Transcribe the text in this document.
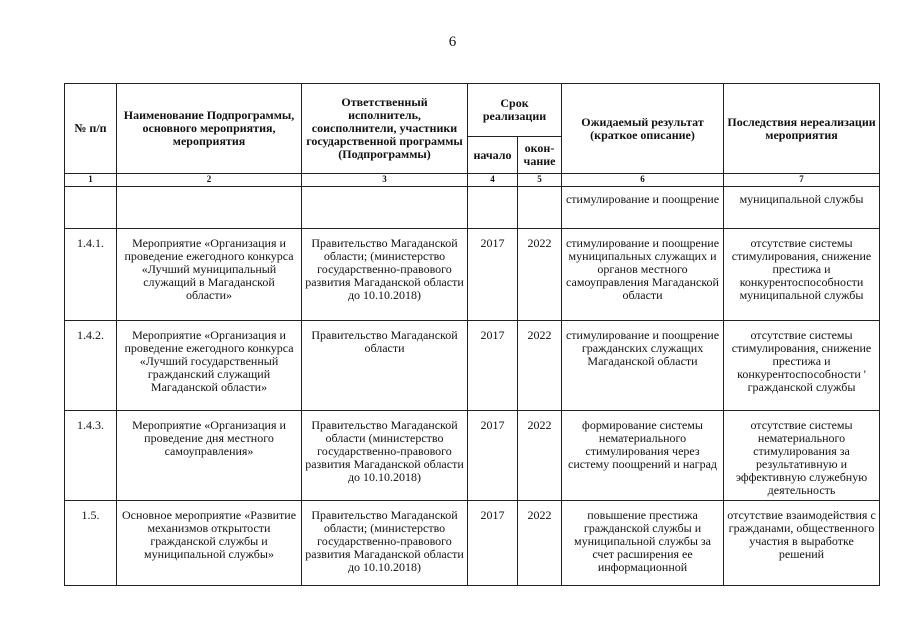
6
№ п/п	Наименование Подпрограммы, основного мероприятия, мероприятия	Ответственный исполнитель, соисполнители, участники государственной программы (Подпрограммы)	Срок реализации		Ожидаемый результат (краткое описание)	Последствия нереализации мероприятия
			начало	окон-чание		
1	2	3	4	5	6	7
					стимулирование и поощрение	муниципальной службы
1.4.1.	Мероприятие «Организация и проведение ежегодного конкурса «Лучший муниципальный служащий в Магаданской области»	Правительство Магаданской области; (министерство государственно-правового развития Магаданской области до 10.10.2018)	2017	2022	стимулирование и поощрение муниципальных служащих и органов местного самоуправления Магаданской области	отсутствие системы стимулирования, снижение престижа и конкурентоспособности муниципальной службы
1.4.2.	Мероприятие «Организация и проведение ежегодного конкурса «Лучший государственный гражданский служащий Магаданской области»	Правительство Магаданской области	2017	2022	стимулирование и поощрение гражданских служащих Магаданской области	отсутствие системы стимулирования, снижение престижа и конкурентоспособности ' гражданской службы
1.4.3.	Мероприятие «Организация и проведение дня местного самоуправления»	Правительство Магаданской области (министерство государственно-правового развития Магаданской области до 10.10.2018)	2017	2022	формирование системы нематериального стимулирования через систему поощрений и наград	отсутствие системы нематериального стимулирования за результативную и эффективную служебную деятельность
1.5.	Основное мероприятие «Развитие механизмов открытости гражданской службы и муниципальной службы»	Правительство Магаданской области; (министерство государственно-правового развития Магаданской области до 10.10.2018)	2017	2022	повышение престижа гражданской службы и муниципальной службы за счет расширения ее информационной	отсутствие взаимодействия с гражданами, общественного участия в выработке решений
